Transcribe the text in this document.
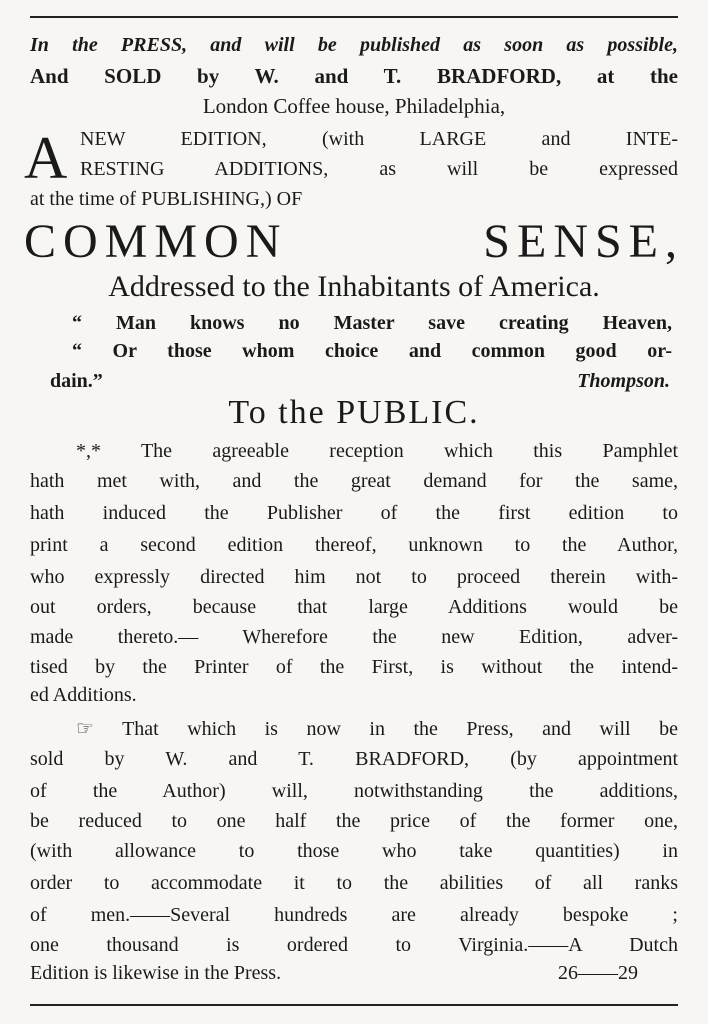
In the PRESS, and will be published as soon as possible,
And SOLD by W. and T. BRADFORD, at the
London Coffee house, Philadelphia,
A NEW EDITION, (with LARGE and INTE-
RESTING ADDITIONS, as will be expressed
at the time of PUBLISHING,) OF
COMMON SENSE,
Addressed to the Inhabitants of America.
“ Man knows no Master save creating Heaven,
“ Or those whom choice and common good or-
dain.”	Thompson.
To the PUBLIC.
*,* The agreeable reception which this Pamphlet
hath met with, and the great demand for the same,
hath induced the Publisher of the first edition to
print a second edition thereof, unknown to the Author,
who expressly directed him not to proceed therein with-
out orders, because that large Additions would be
made thereto.— Wherefore the new Edition, adver-
tised by the Printer of the First, is without the intend-
ed Additions.
☞ That which is now in the Press, and will be
sold by W. and T. BRADFORD, (by appointment
of the Author) will, notwithstanding the additions,
be reduced to one half the price of the former one,
(with allowance to those who take quantities) in
order to accommodate it to the abilities of all ranks
of men.——Several hundreds are already bespoke ;
one thousand is ordered to Virginia.——A Dutch
Edition is likewise in the Press.	26——29
